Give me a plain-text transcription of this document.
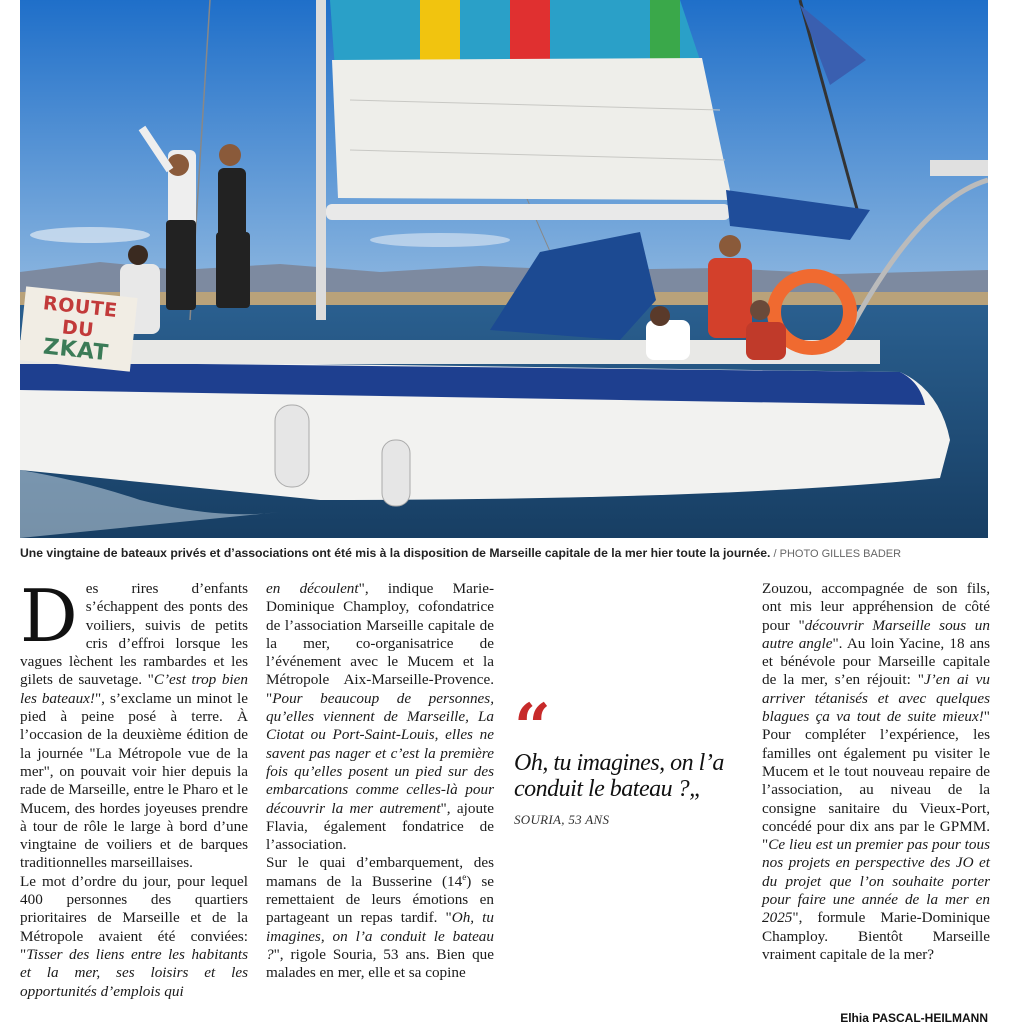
ROUTE DU
ZKAT
Une vingtaine de bateaux privés et d’associations ont été mis à la disposition de Marseille capitale de la mer hier toute la journée. / PHOTO GILLES BADER

Des rires d’enfants s’échappent des ponts des voiliers, suivis de petits cris d’effroi lorsque les vagues lèchent les rambardes et les gilets de sauvetage. "C’est trop bien les bateaux!", s’exclame un minot le pied à peine posé à terre. À l’occasion de la deuxième édition de la journée "La Métropole vue de la mer", on pouvait voir hier depuis la rade de Marseille, entre le Pharo et le Mucem, des hordes joyeuses prendre à tour de rôle le large à bord d’une vingtaine de voiliers et de barques traditionnelles marseillaises.

Le mot d’ordre du jour, pour lequel 400 personnes des quartiers prioritaires de Marseille et de la Métropole avaient été conviées: "Tisser des liens entre les habitants et la mer, ses loisirs et les opportunités d’emplois qui

en découlent", indique Marie-Dominique Champloy, cofondatrice de l’association Marseille capitale de la mer, co-organisatrice de l’événement avec le Mucem et la Métropole Aix-Marseille-Provence. "Pour beaucoup de personnes, qu’elles viennent de Marseille, La Ciotat ou Port-Saint-Louis, elles ne savent pas nager et c’est la première fois qu’elles posent un pied sur des embarcations comme celles-là pour découvrir la mer autrement", ajoute Flavia, également fondatrice de l’association.

Sur le quai d’embarquement, des mamans de la Busserine (14e) se remettaient de leurs émotions en partageant un repas tardif. "Oh, tu imagines, on l’a conduit le bateau ?", rigole Souria, 53 ans. Bien que malades en mer, elle et sa copine

“
Oh, tu imagines, on l’a conduit le bateau ?„
SOURIA, 53 ANS

Zouzou, accompagnée de son fils, ont mis leur appréhension de côté pour "découvrir Marseille sous un autre angle". Au loin Yacine, 18 ans et bénévole pour Marseille capitale de la mer, s’en réjouit: "J’en ai vu arriver tétanisés et avec quelques blagues ça va tout de suite mieux!" Pour compléter l’expérience, les familles ont également pu visiter le Mucem et le tout nouveau repaire de l’association, au niveau de la consigne sanitaire du Vieux-Port, concédé pour dix ans par le GPMM. "Ce lieu est un premier pas pour tous nos projets en perspective des JO et du projet que l’on souhaite porter pour faire une année de la mer en 2025", formule Marie-Dominique Champloy. Bientôt Marseille vraiment capitale de la mer?

Elhia PASCAL-HEILMANN
